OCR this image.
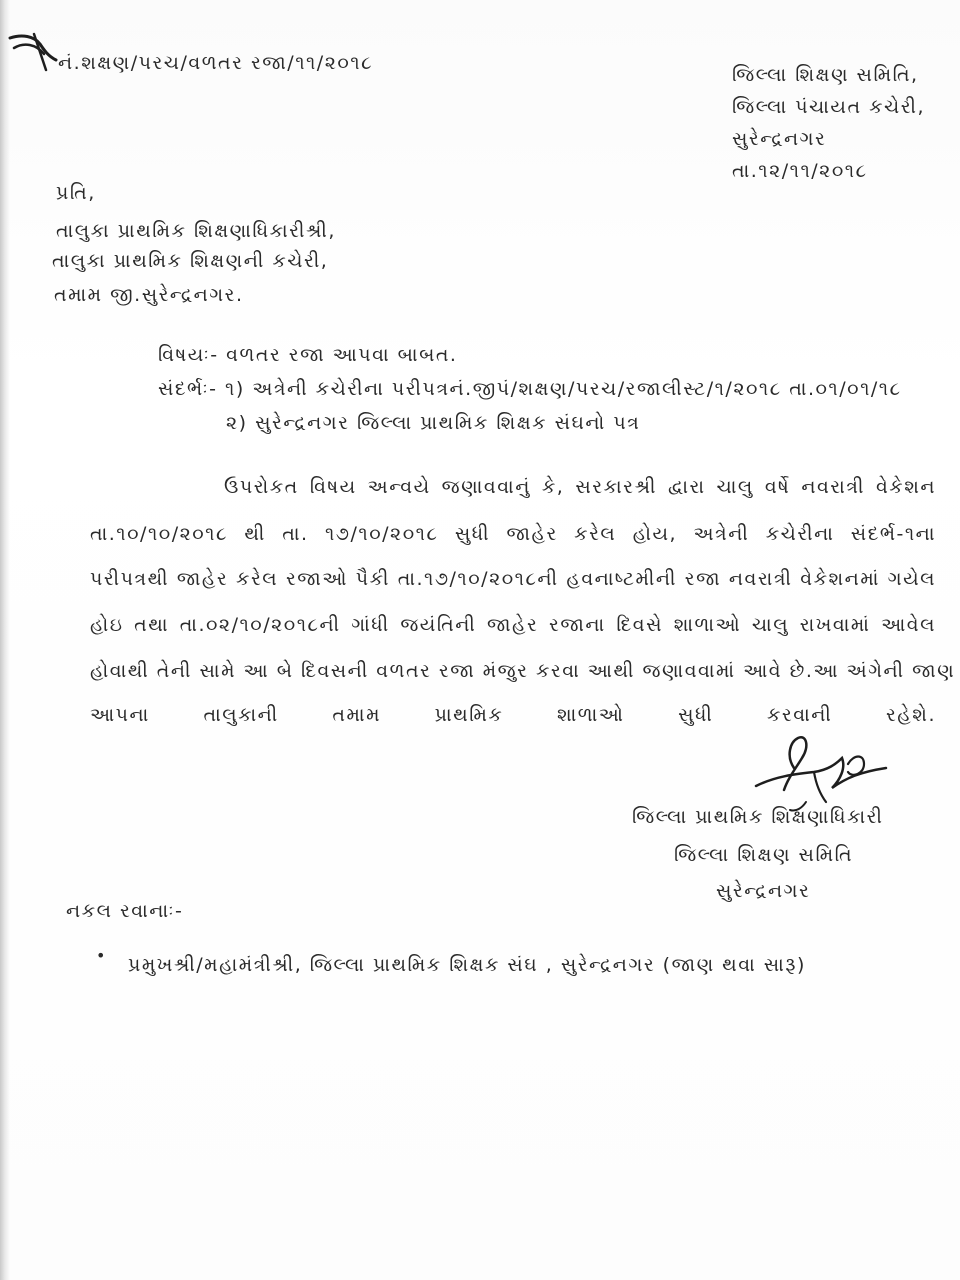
નં.શક્ષણ/પરચ/વળતર રજા/૧૧/૨૦૧૮
જિલ્લા શિક્ષણ સમિતિ,
જિલ્લા પંચાયત કચેરી,
સુરેન્દ્રનગર
તા.૧૨/૧૧/૨૦૧૮
પ્રતિ,
તાલુકા પ્રાથમિક શિક્ષણાધિકારીશ્રી,
તાલુકા પ્રાથમિક શિક્ષણની કચેરી,
તમામ જી.સુરેન્દ્રનગર.
વિષયઃ- વળતર રજા આપવા બાબત.
સંદર્ભઃ- ૧) અત્રેની કચેરીના પરીપત્રનં.જીપં/શક્ષણ/પરચ/રજાલીસ્ટ/૧/૨૦૧૮ તા.૦૧/૦૧/૧૮
૨) સુરેન્દ્રનગર જિલ્લા પ્રાથમિક શિક્ષક સંઘનો પત્ર
ઉપરોકત વિષય અન્વયે જણાવવાનું કે, સરકારશ્રી દ્વારા ચાલુ વર્ષે નવરાત્રી વેકેશન
તા.૧૦/૧૦/૨૦૧૮ થી તા. ૧૭/૧૦/૨૦૧૮ સુધી જાહેર કરેલ હોય, અત્રેની કચેરીના સંદર્ભ-૧ના
પરીપત્રથી જાહેર કરેલ રજાઓ પૈકી તા.૧૭/૧૦/૨૦૧૮ની હવનાષ્ટમીની રજા નવરાત્રી વેકેશનમાં ગયેલ
હોઇ તથા તા.૦૨/૧૦/૨૦૧૮ની ગાંધી જયંતિની જાહેર રજાના દિવસે શાળાઓ ચાલુ રાખવામાં આવેલ
હોવાથી તેની સામે આ બે દિવસની વળતર રજા મંજુર કરવા આથી જણાવવામાં આવે છે.આ અંગેની જાણ
આપના તાલુકાની તમામ પ્રાથમિક શાળાઓ સુધી કરવાની રહેશે.
જિલ્લા પ્રાથમિક શિક્ષણાધિકારી
જિલ્લા શિક્ષણ સમિતિ
સુરેન્દ્રનગર
નકલ રવાનાઃ-
• પ્રમુખશ્રી/મહામંત્રીશ્રી, જિલ્લા પ્રાથમિક શિક્ષક સંઘ , સુરેન્દ્રનગર (જાણ થવા સારૂ)
